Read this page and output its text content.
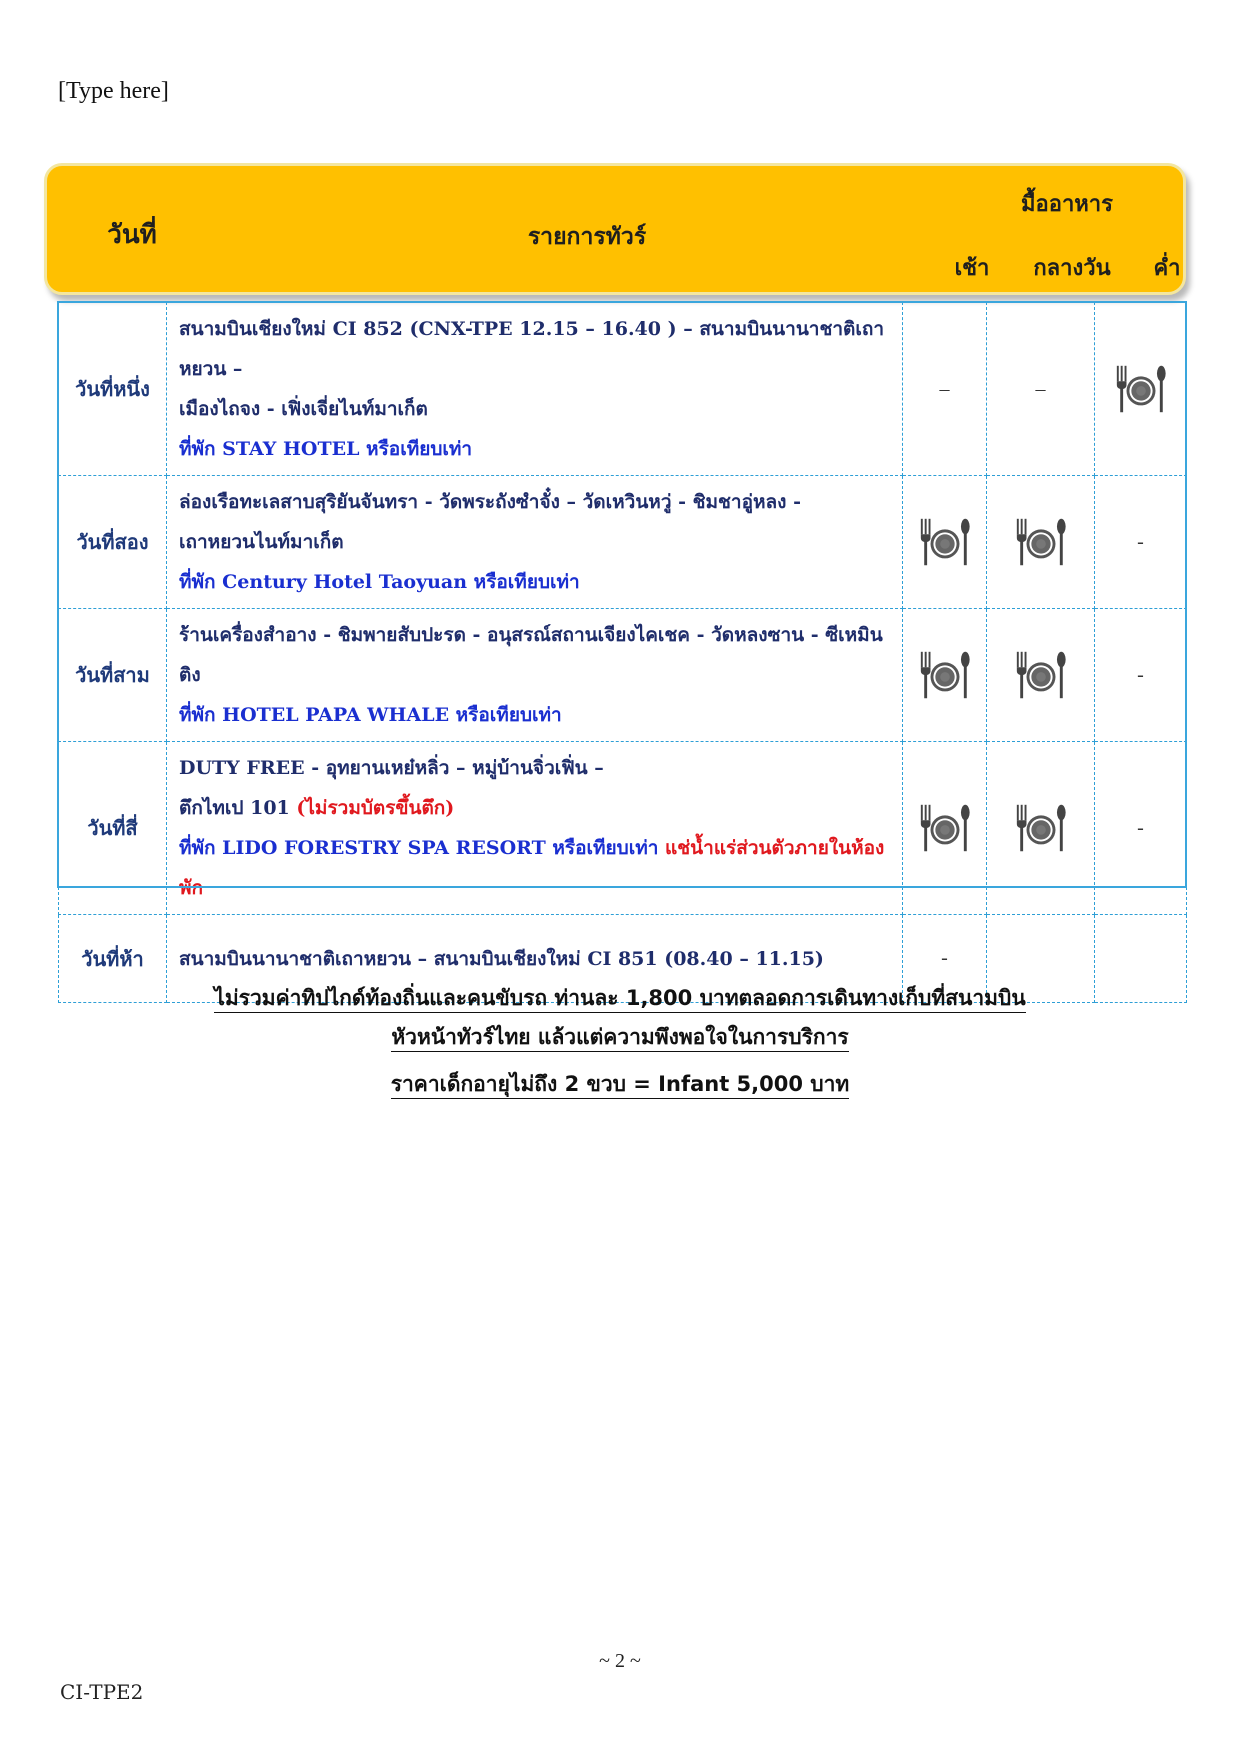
[Type here]
วันที่	รายการทัวร์
มื้ออาหาร
เช้า	กลางวัน	ค่ำ
วันที่หนึ่ง	สนามบินเชียงใหม่ CI 852 (CNX-TPE 12.15 – 16.40 ) – สนามบินนานาชาติเถาหยวน –
เมืองไถจง - เฟิ่งเจี่ยไนท์มาเก็ต
ที่พัก STAY HOTEL หรือเทียบเท่า	–	–	
วันที่สอง	ล่องเรือทะเลสาบสุริยันจันทรา - วัดพระถังซำจั๋ง – วัดเหวินหวู่ - ชิมชาอู่หลง -
เถาหยวนไนท์มาเก็ต
ที่พัก Century Hotel Taoyuan หรือเทียบเท่า			-
วันที่สาม	ร้านเครื่องสำอาง - ชิมพายสับปะรด - อนุสรณ์สถานเจียงไคเชค - วัดหลงซาน - ซีเหมินติง
ที่พัก HOTEL PAPA WHALE หรือเทียบเท่า			-
วันที่สี่	DUTY FREE - อุทยานเหย๋หลิ่ว – หมู่บ้านจิ่วเฟิ่น –
ตึกไทเป 101 (ไม่รวมบัตรขึ้นตึก)
ที่พัก LIDO FORESTRY SPA RESORT หรือเทียบเท่า แช่น้ำแร่ส่วนตัวภายในห้องพัก			-
วันที่ห้า	สนามบินนานาชาติเถาหยวน – สนามบินเชียงใหม่ CI 851 (08.40 – 11.15)	-		
ไม่รวมค่าทิปไกด์ท้องถิ่นและคนขับรถ ท่านละ 1,800 บาทตลอดการเดินทางเก็บที่สนามบิน
หัวหน้าทัวร์ไทย แล้วแต่ความพึงพอใจในการบริการ
ราคาเด็กอายุไม่ถึง 2 ขวบ = Infant 5,000 บาท
~ 2 ~
CI-TPE2
